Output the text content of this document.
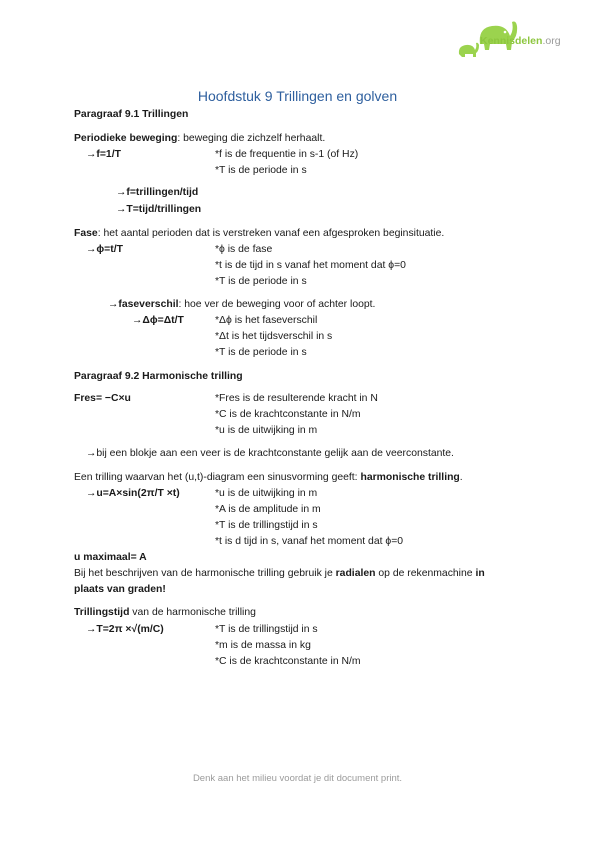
Kennisdelen.org
Hoofdstuk 9 Trillingen en golven
Paragraaf 9.1 Trillingen
Periodieke beweging: beweging die zichzelf herhaalt.
→f=1/T	*f is de frequentie in s-1 (of Hz)
*T is de periode in s
→f=trillingen/tijd
→T=tijd/trillingen
Fase: het aantal perioden dat is verstreken vanaf een afgesproken beginsituatie.
→ϕ=t/T	*ϕ is de fase
*t is de tijd in s vanaf het moment dat ϕ=0
*T is de periode in s
→faseverschil: hoe ver de beweging voor of achter loopt.
→Δϕ=Δt/T	*Δϕ is het faseverschil
*Δt is het tijdsverschil in s
*T is de periode in s
Paragraaf 9.2 Harmonische trilling
Fres= −C×u	*Fres is de resulterende kracht in N
*C is de krachtconstante in N/m
*u is de uitwijking in m
→bij een blokje aan een veer is de krachtconstante gelijk aan de veerconstante.
Een trilling waarvan het (u,t)-diagram een sinusvorming geeft: harmonische trilling.
→u=A×sin(2π/T ×t)	*u is de uitwijking in m
*A is de amplitude in m
*T is de trillingstijd in s
*t is d tijd in s, vanaf het moment dat ϕ=0
u maximaal= A
Bij het beschrijven van de harmonische trilling gebruik je radialen op de rekenmachine in
plaats van graden!
Trillingstijd van de harmonische trilling
→T=2π ×√(m/C)	*T is de trillingstijd in s
*m is de massa in kg
*C is de krachtconstante in N/m
Denk aan het milieu voordat je dit document print.
